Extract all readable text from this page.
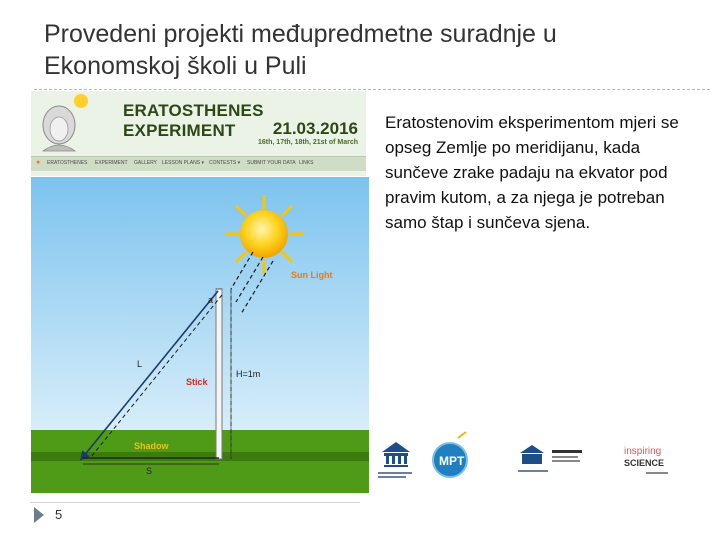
Provedeni projekti međupredmetne suradnje u Ekonomskoj školi u Puli
ERATOSTHENES EXPERIMENT	21.03.2016
16th, 17th, 18th, 21st of March
● ERATOSTHENES EXPERIMENT GALLERY LESSON PLANS ▾ CONTESTS ▾ SUBMIT YOUR DATA LINKS
Eratostenovim eksperimentom mjeri se opseg Zemlje po meridijanu, kada sunčeve zrake padaju na ekvator pod pravim kutom, a za njega je potreban samo štap i sunčeva sjena.
Sun Light
a
Stick
H=1m
L
Shadow
S
MPT
inspiring
SCIENCE
5
